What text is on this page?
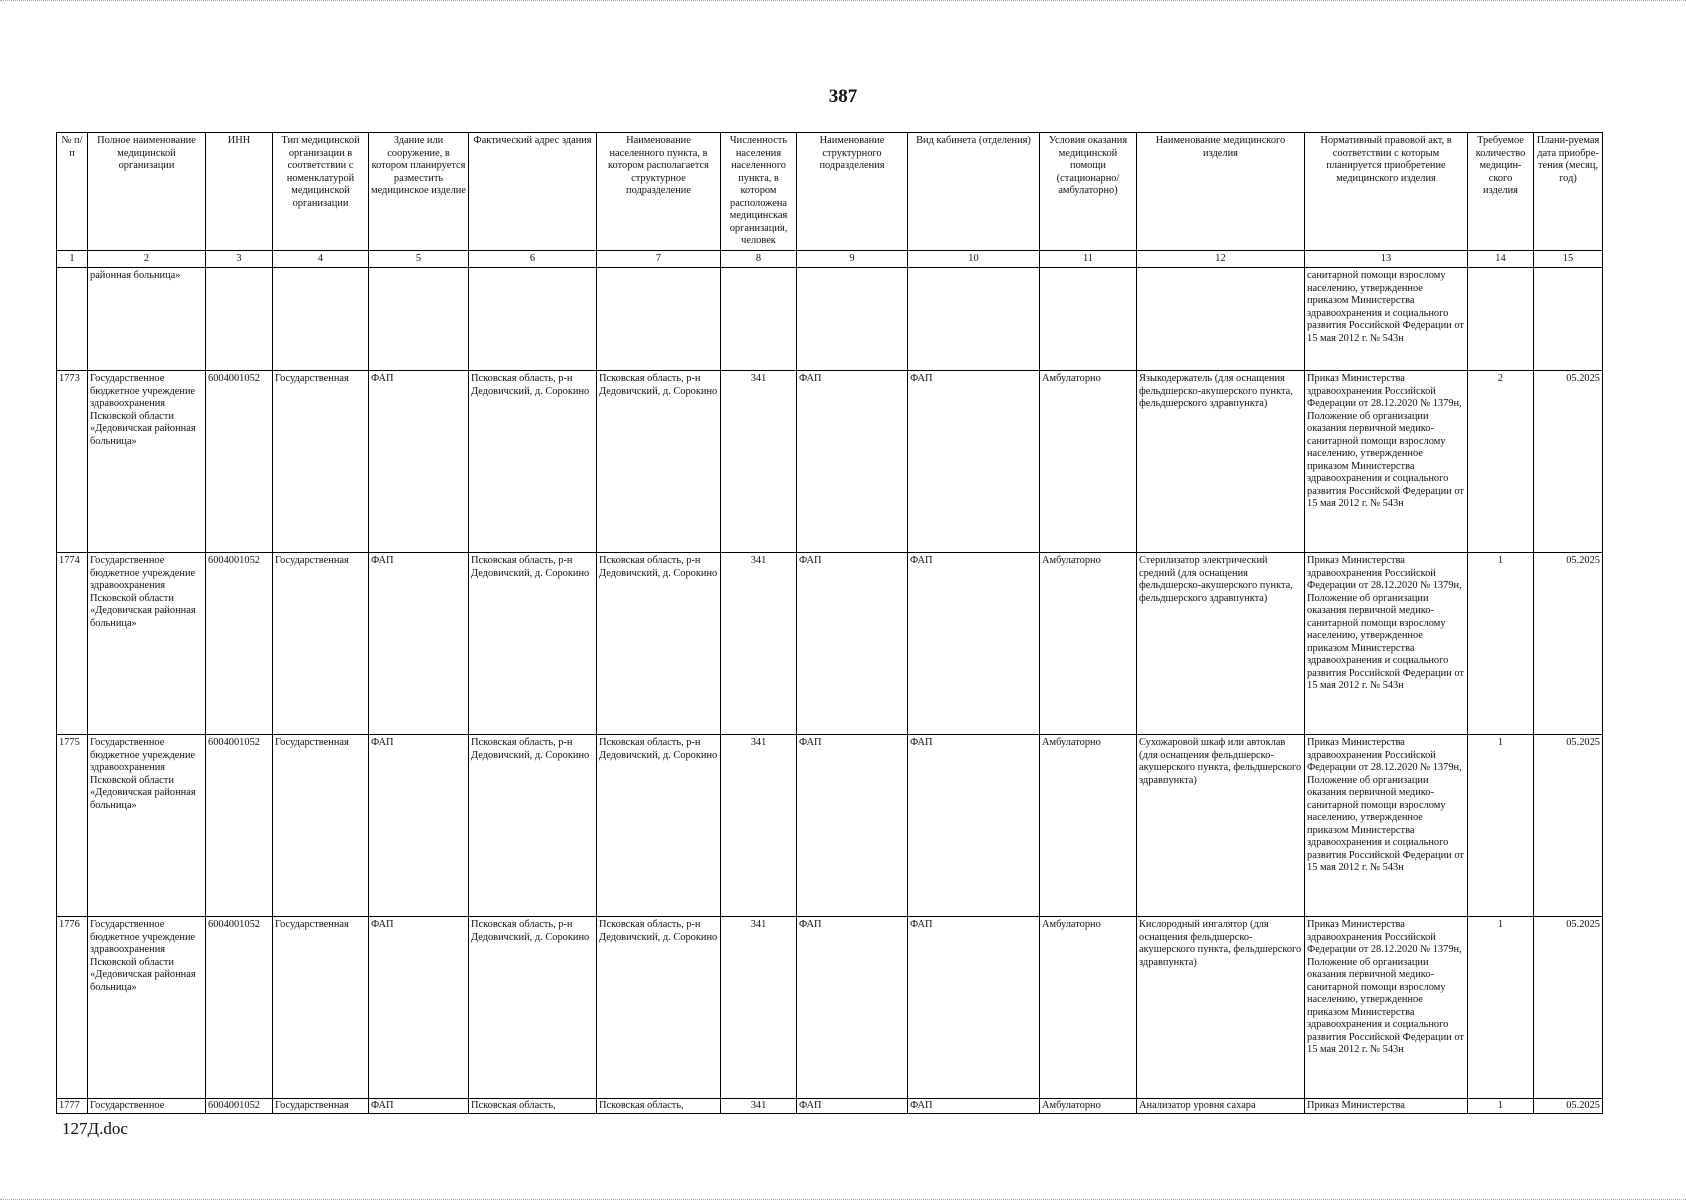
387
№ п/п	Полное наименование медицинской организации	ИНН	Тип медицинской организации в соответствии с номенклатурой медицинской организации	Здание или сооружение, в котором планируется разместить медицинское изделие	Фактический адрес здания	Наименование населенного пункта, в котором располагается структурное подразделение	Численность населения населенного пункта, в котором расположена медицинская организация, человек	Наименование структурного подразделения	Вид кабинета (отделения)	Условия оказания медицинской помощи (стационарно/ амбулаторно)	Наименование медицинского изделия	Нормативный правовой акт, в соответствии с которым планируется приобретение медицинского изделия	Требуемое количество медицин-ского изделия	Плани-руемая дата приобре-тения (месяц, год)
1	2	3	4	5	6	7	8	9	10	11	12	13	14	15
	районная больница»											санитарной помощи взрослому населению, утвержденное приказом Министерства здравоохранения и социального развития Российской Федерации от 15 мая 2012 г. № 543н		
1773	Государственное бюджетное учреждение здравоохранения Псковской области «Дедовичская районная больница»	6004001052	Государственная	ФАП	Псковская область, р-н Дедовичский, д. Сорокино	Псковская область, р-н Дедовичский, д. Сорокино	341	ФАП	ФАП	Амбулаторно	Языкодержатель (для оснащения фельдшерско-акушерского пункта, фельдшерского здравпункта)	Приказ Министерства здравоохранения Российской Федерации от 28.12.2020 № 1379н, Положение об организации оказания первичной медико-санитарной помощи взрослому населению, утвержденное приказом Министерства здравоохранения и социального развития Российской Федерации от 15 мая 2012 г. № 543н	2	05.2025
1774	Государственное бюджетное учреждение здравоохранения Псковской области «Дедовичская районная больница»	6004001052	Государственная	ФАП	Псковская область, р-н Дедовичский, д. Сорокино	Псковская область, р-н Дедовичский, д. Сорокино	341	ФАП	ФАП	Амбулаторно	Стерилизатор электрический средний (для оснащения фельдшерско-акушерского пункта, фельдшерского здравпункта)	Приказ Министерства здравоохранения Российской Федерации от 28.12.2020 № 1379н, Положение об организации оказания первичной медико-санитарной помощи взрослому населению, утвержденное приказом Министерства здравоохранения и социального развития Российской Федерации от 15 мая 2012 г. № 543н	1	05.2025
1775	Государственное бюджетное учреждение здравоохранения Псковской области «Дедовичская районная больница»	6004001052	Государственная	ФАП	Псковская область, р-н Дедовичский, д. Сорокино	Псковская область, р-н Дедовичский, д. Сорокино	341	ФАП	ФАП	Амбулаторно	Сухожаровой шкаф или автоклав (для оснащения фельдшерско-акушерского пункта, фельдшерского здравпункта)	Приказ Министерства здравоохранения Российской Федерации от 28.12.2020 № 1379н, Положение об организации оказания первичной медико-санитарной помощи взрослому населению, утвержденное приказом Министерства здравоохранения и социального развития Российской Федерации от 15 мая 2012 г. № 543н	1	05.2025
1776	Государственное бюджетное учреждение здравоохранения Псковской области «Дедовичская районная больница»	6004001052	Государственная	ФАП	Псковская область, р-н Дедовичский, д. Сорокино	Псковская область, р-н Дедовичский, д. Сорокино	341	ФАП	ФАП	Амбулаторно	Кислородный ингалятор (для оснащения фельдшерско-акушерского пункта, фельдшерского здравпункта)	Приказ Министерства здравоохранения Российской Федерации от 28.12.2020 № 1379н, Положение об организации оказания первичной медико-санитарной помощи взрослому населению, утвержденное приказом Министерства здравоохранения и социального развития Российской Федерации от 15 мая 2012 г. № 543н	1	05.2025
1777	Государственное	6004001052	Государственная	ФАП	Псковская область,	Псковская область,	341	ФАП	ФАП	Амбулаторно	Анализатор уровня сахара	Приказ Министерства	1	05.2025
127Д.doc
